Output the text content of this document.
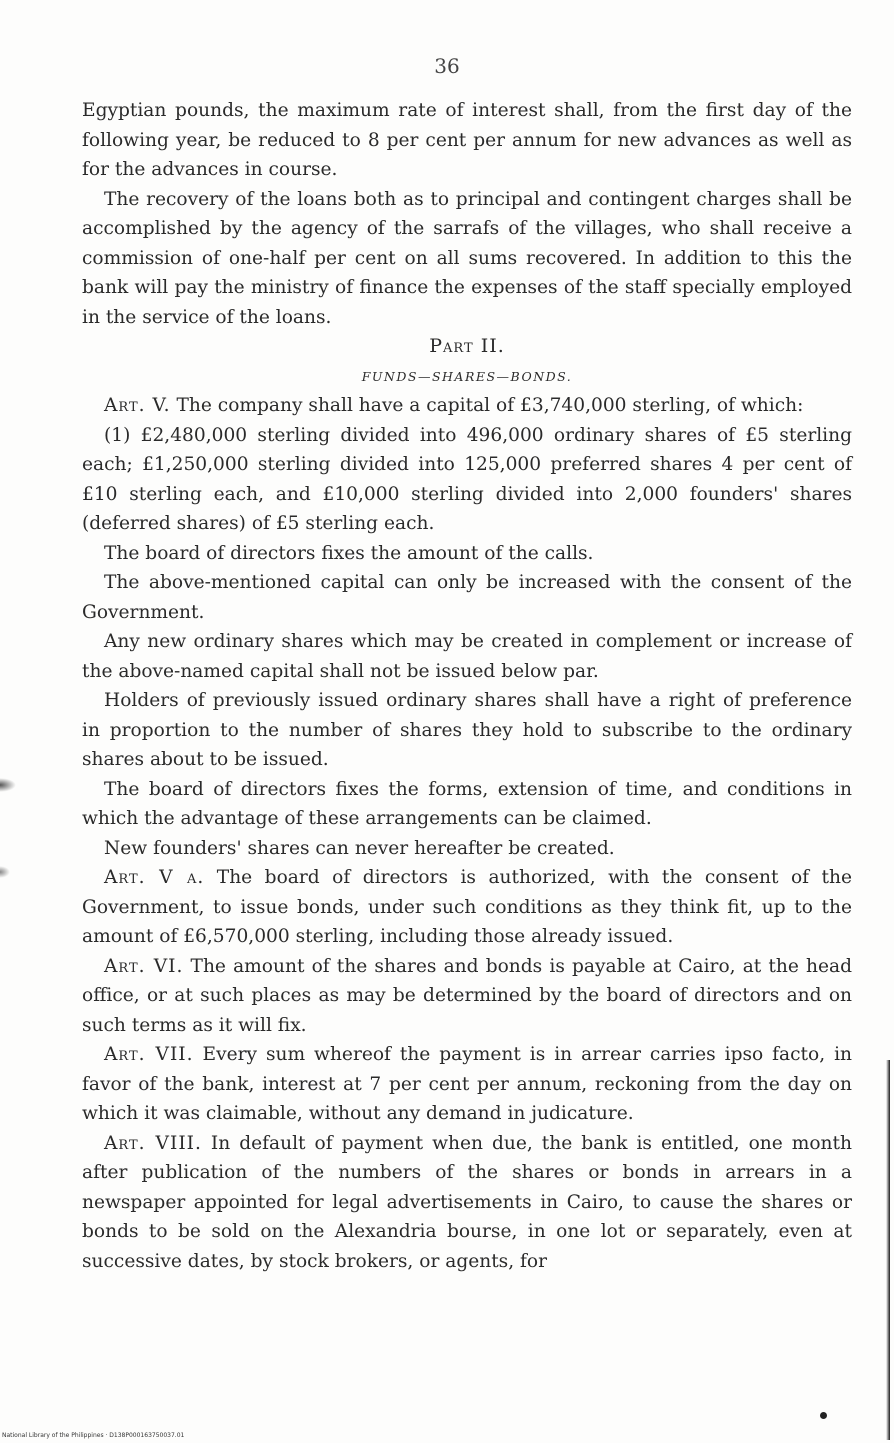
36

Egyptian pounds, the maximum rate of interest shall, from the first day of the following year, be reduced to 8 per cent per annum for new advances as well as for the advances in course.

The recovery of the loans both as to principal and contingent charges shall be accomplished by the agency of the sarrafs of the villages, who shall receive a commission of one-half per cent on all sums recovered. In addition to this the bank will pay the ministry of finance the expenses of the staff specially employed in the service of the loans.

Part II.

FUNDS—SHARES—BONDS.

Art. V. The company shall have a capital of £3,740,000 sterling, of which:

(1) £2,480,000 sterling divided into 496,000 ordinary shares of £5 sterling each; £1,250,000 sterling divided into 125,000 preferred shares 4 per cent of £10 sterling each, and £10,000 sterling divided into 2,000 founders' shares (deferred shares) of £5 sterling each.

The board of directors fixes the amount of the calls.

The above-mentioned capital can only be increased with the consent of the Government.

Any new ordinary shares which may be created in complement or increase of the above-named capital shall not be issued below par.

Holders of previously issued ordinary shares shall have a right of preference in proportion to the number of shares they hold to subscribe to the ordinary shares about to be issued.

The board of directors fixes the forms, extension of time, and conditions in which the advantage of these arrangements can be claimed.

New founders' shares can never hereafter be created.

Art. V a. The board of directors is authorized, with the consent of the Government, to issue bonds, under such conditions as they think fit, up to the amount of £6,570,000 sterling, including those already issued.

Art. VI. The amount of the shares and bonds is payable at Cairo, at the head office, or at such places as may be determined by the board of directors and on such terms as it will fix.

Art. VII. Every sum whereof the payment is in arrear carries ipso facto, in favor of the bank, interest at 7 per cent per annum, reckoning from the day on which it was claimable, without any demand in judicature.

Art. VIII. In default of payment when due, the bank is entitled, one month after publication of the numbers of the shares or bonds in arrears in a newspaper appointed for legal advertisements in Cairo, to cause the shares or bonds to be sold on the Alexandria bourse, in one lot or separately, even at successive dates, by stock brokers, or agents, for

National Library of the Philippines · D138P000163750037.01
